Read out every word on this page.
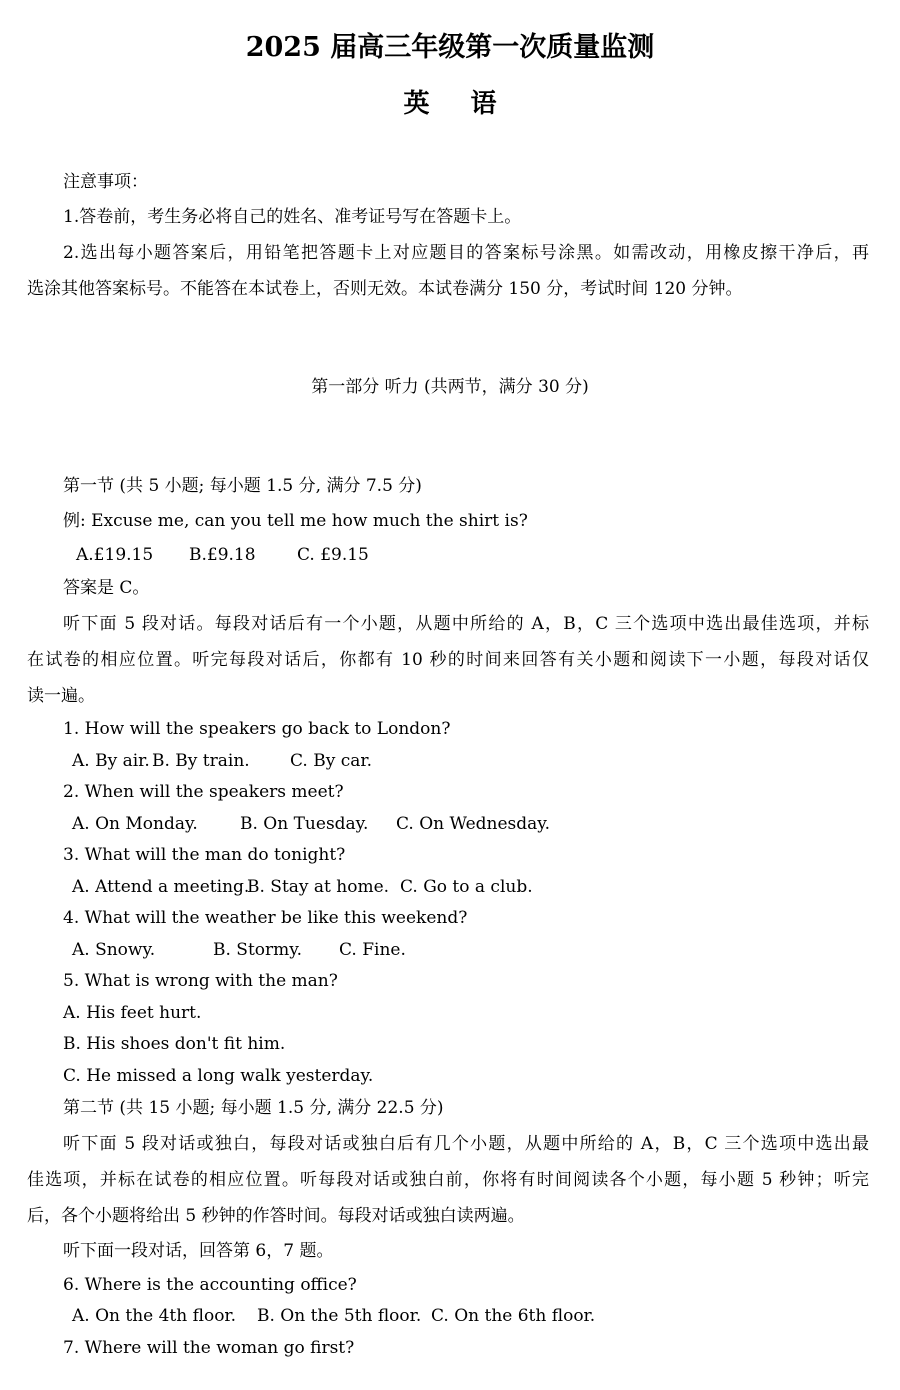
2025 届高三年级第一次质量监测
英 语
注意事项：
1.答卷前，考生务必将自己的姓名、准考证号写在答题卡上。
2.选出每小题答案后，用铅笔把答题卡上对应题目的答案标号涂黑。如需改动，用橡皮擦干净后，再
选涂其他答案标号。不能答在本试卷上，否则无效。本试卷满分 150 分，考试时间 120 分钟。
第一部分 听力 (共两节，满分 30 分)
第一节 (共 5 小题; 每小题 1.5 分, 满分 7.5 分)
例: Excuse me, can you tell me how much the shirt is?
A.£19.15 B.£9.18 C. £9.15
答案是 C。
听下面 5 段对话。每段对话后有一个小题，从题中所给的 A，B，C 三个选项中选出最佳选项，并标
在试卷的相应位置。听完每段对话后，你都有 10 秒的时间来回答有关小题和阅读下一小题，每段对话仅
读一遍。
1. How will the speakers go back to London?
A. By air. B. By train. C. By car.
2. When will the speakers meet?
A. On Monday. B. On Tuesday. C. On Wednesday.
3. What will the man do tonight?
A. Attend a meeting.B. Stay at home. C. Go to a club.
4. What will the weather be like this weekend?
A. Snowy.	B. Stormy. C. Fine.
5. What is wrong with the man?
A. His feet hurt.
B. His shoes don't fit him.
C. He missed a long walk yesterday.
第二节 (共 15 小题; 每小题 1.5 分, 满分 22.5 分)
听下面 5 段对话或独白，每段对话或独白后有几个小题，从题中所给的 A，B，C 三个选项中选出最
佳选项，并标在试卷的相应位置。听每段对话或独白前，你将有时间阅读各个小题，每小题 5 秒钟；听完
后，各个小题将给出 5 秒钟的作答时间。每段对话或独白读两遍。
听下面一段对话，回答第 6，7 题。
6. Where is the accounting office?
A. On the 4th floor. B. On the 5th floor. C. On the 6th floor.
7. Where will the woman go first?
